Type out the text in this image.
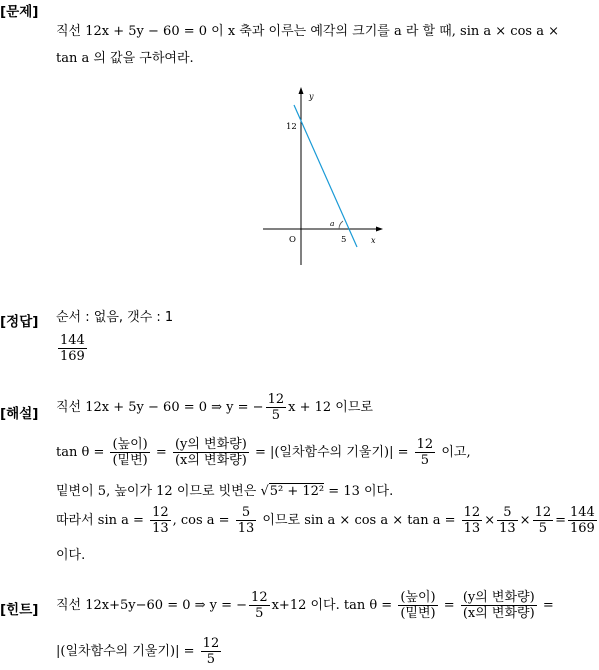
[문제]
직선 12x + 5y − 60 = 0 이 x 축과 이루는 예각의 크기를 a 라 할 때, sin a × cos a ×
tan a 의 값을 구하여라.
y
x
O
12
5
a
[정답] 순서 : 없음, 갯수 : 1
$\frac{144}{169}$
[해설] 직선 12x + 5y − 60 = 0 ⇒ y = − $\frac{12}{5}$ x + 12 이므로
$\tan \theta = \frac{\text{(높이)}}{\text{(밑변)}} = \frac{\text{(y의 변화량)}}{\text{(x의 변화량)}}$ = |(일차함수의 기울기)| = $\frac{12}{5}$ 이고,
밑변이 5, 높이가 12 이므로 빗변은 √5² + 12² = 13 이다.
따라서 $\sin a = \frac{12}{13}$ , $\cos a = \frac{5}{13}$ 이므로 $\sin a \times \cos a \times \tan a = \frac{12}{13} \times \frac{5}{13} \times \frac{12}{5} = \frac{144}{169}$
이다.
[힌트] 직선 12x+5y−60 = 0 ⇒ y = − $\frac{12}{5} x+12$ 이다. $\tan \theta = \frac{\text{(높이)}}{\text{(밑변)}} = \frac{\text{(y의 변화량)}}{\text{(x의 변화량)}}$ =
|(일차함수의 기울기)| = $\frac{12}{5}$
